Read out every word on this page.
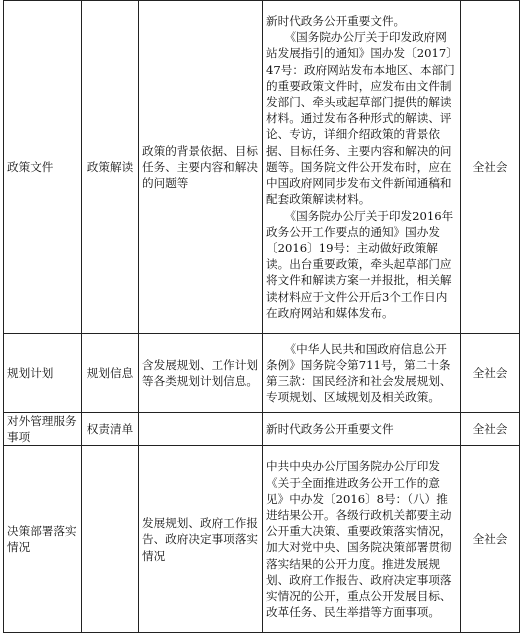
政策文件	政策解读	政策的背景依据、目标任务、主要内容和解决的问题等	新时代政务公开重要文件。

《国务院办公厅关于印发政府网站发展指引的通知》国办发〔2017〕47号：政府网站发布本地区、本部门的重要政策文件时，应发布由文件制发部门、牵头或起草部门提供的解读材料。通过发布各种形式的解读、评论、专访，详细介绍政策的背景依据、目标任务、主要内容和解决的问题等。国务院文件公开发布时，应在中国政府网同步发布文件新闻通稿和配套政策解读材料。

《国务院办公厅关于印发2016年政务公开工作要点的通知》国办发〔2016〕19号：主动做好政策解读。出台重要政策，牵头起草部门应将文件和解读方案一并报批，相关解读材料应于文件公开后3个工作日内在政府网站和媒体发布。	全社会
规划计划	规划信息	含发展规划、工作计划等各类规划计划信息。	《中华人民共和国政府信息公开条例》国务院令第711号，第二十条第三款：国民经济和社会发展规划、专项规划、区域规划及相关政策。	全社会
对外管理服务事项	权责清单		新时代政务公开重要文件	全社会
决策部署落实情况		发展规划、政府工作报告、政府决定事项落实情况	中共中央办公厅国务院办公厅印发《关于全面推进政务公开工作的意见》中办发〔2016〕8号：（八）推进结果公开。各级行政机关都要主动公开重大决策、重要政策落实情况，加大对党中央、国务院决策部署贯彻落实结果的公开力度。推进发展规划、政府工作报告、政府决定事项落实情况的公开，重点公开发展目标、改革任务、民生举措等方面事项。	全社会
